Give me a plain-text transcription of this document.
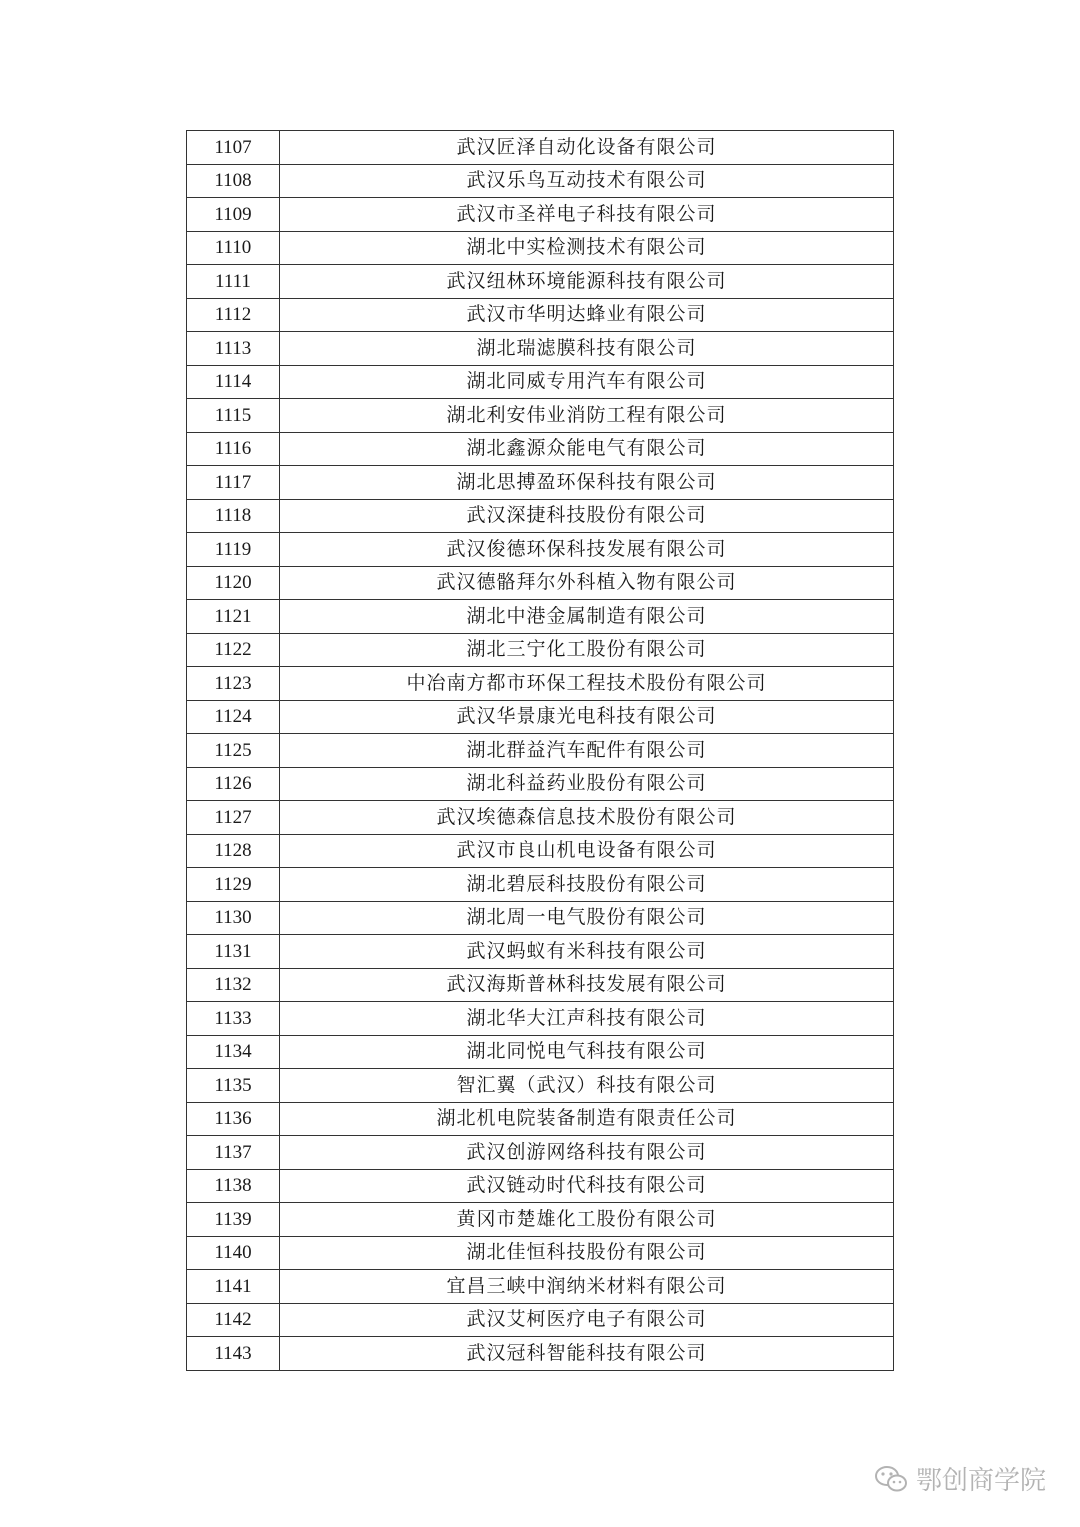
1107	武汉匠泽自动化设备有限公司
1108	武汉乐鸟互动技术有限公司
1109	武汉市圣祥电子科技有限公司
1110	湖北中实检测技术有限公司
1111	武汉纽林环境能源科技有限公司
1112	武汉市华明达蜂业有限公司
1113	湖北瑞滤膜科技有限公司
1114	湖北同威专用汽车有限公司
1115	湖北利安伟业消防工程有限公司
1116	湖北鑫源众能电气有限公司
1117	湖北思搏盈环保科技有限公司
1118	武汉深捷科技股份有限公司
1119	武汉俊德环保科技发展有限公司
1120	武汉德骼拜尔外科植入物有限公司
1121	湖北中港金属制造有限公司
1122	湖北三宁化工股份有限公司
1123	中冶南方都市环保工程技术股份有限公司
1124	武汉华景康光电科技有限公司
1125	湖北群益汽车配件有限公司
1126	湖北科益药业股份有限公司
1127	武汉埃德森信息技术股份有限公司
1128	武汉市良山机电设备有限公司
1129	湖北碧辰科技股份有限公司
1130	湖北周一电气股份有限公司
1131	武汉蚂蚁有米科技有限公司
1132	武汉海斯普林科技发展有限公司
1133	湖北华大江声科技有限公司
1134	湖北同悦电气科技有限公司
1135	智汇翼（武汉）科技有限公司
1136	湖北机电院装备制造有限责任公司
1137	武汉创游网络科技有限公司
1138	武汉链动时代科技有限公司
1139	黄冈市楚雄化工股份有限公司
1140	湖北佳恒科技股份有限公司
1141	宜昌三峡中润纳米材料有限公司
1142	武汉艾柯医疗电子有限公司
1143	武汉冠科智能科技有限公司
鄂创商学院
